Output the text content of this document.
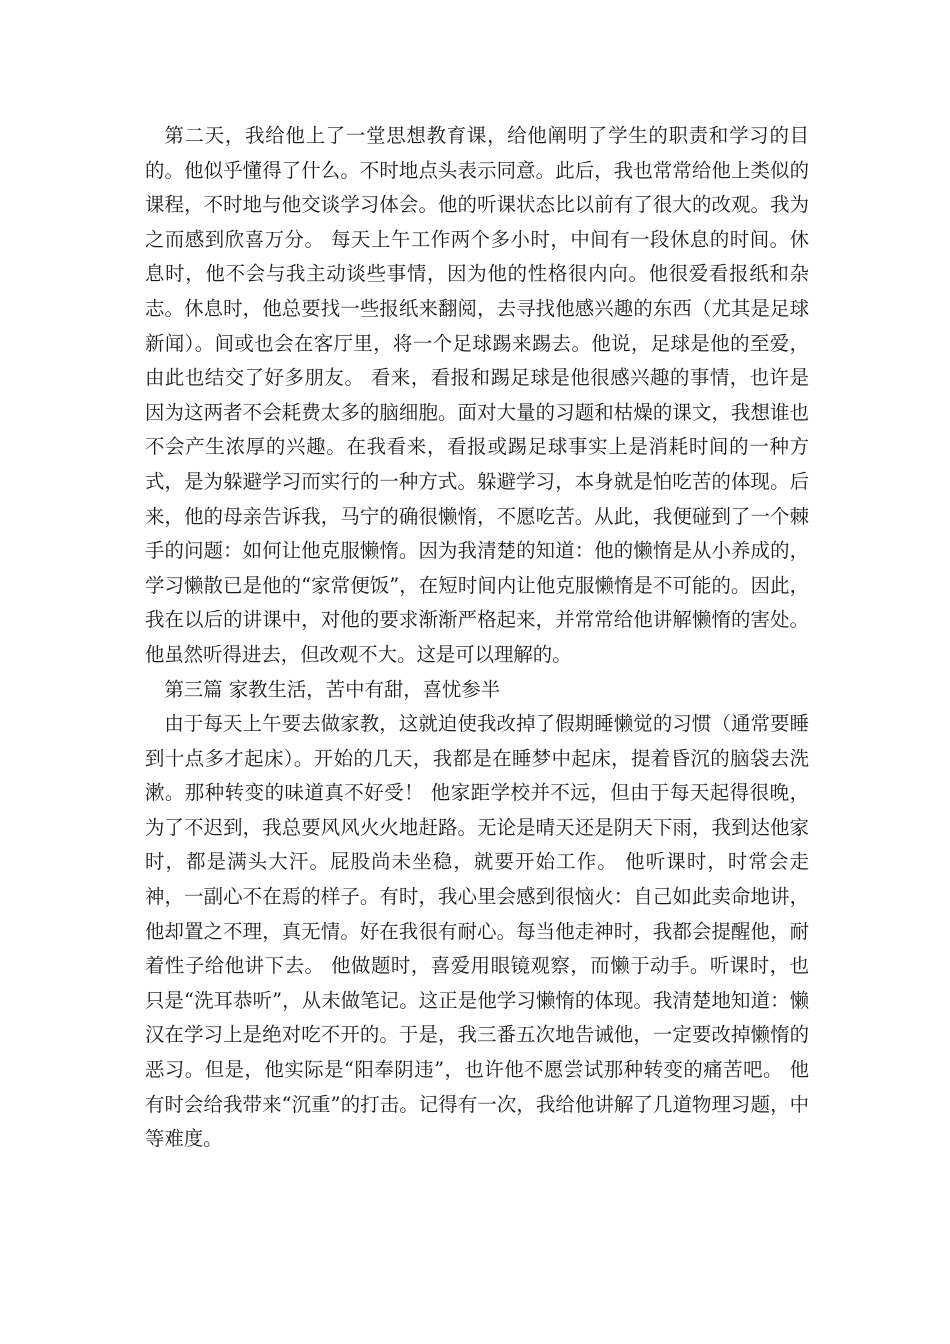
第二天，我给他上了一堂思想教育课，给他阐明了学生的职责和学习的目的。他似乎懂得了什么。不时地点头表示同意。此后，我也常常给他上类似的课程，不时地与他交谈学习体会。他的听课状态比以前有了很大的改观。我为之而感到欣喜万分。 每天上午工作两个多小时，中间有一段休息的时间。休息时，他不会与我主动谈些事情，因为他的性格很内向。他很爱看报纸和杂志。休息时，他总要找一些报纸来翻阅，去寻找他感兴趣的东西（尤其是足球新闻）。间或也会在客厅里，将一个足球踢来踢去。他说，足球是他的至爱，由此也结交了好多朋友。 看来，看报和踢足球是他很感兴趣的事情，也许是因为这两者不会耗费太多的脑细胞。面对大量的习题和枯燥的课文，我想谁也不会产生浓厚的兴趣。在我看来，看报或踢足球事实上是消耗时间的一种方式，是为躲避学习而实行的一种方式。躲避学习，本身就是怕吃苦的体现。后来，他的母亲告诉我，马宁的确很懒惰，不愿吃苦。从此，我便碰到了一个棘手的问题：如何让他克服懒惰。因为我清楚的知道：他的懒惰是从小养成的，学习懒散已是他的“家常便饭”，在短时间内让他克服懒惰是不可能的。因此，我在以后的讲课中，对他的要求渐渐严格起来，并常常给他讲解懒惰的害处。他虽然听得进去，但改观不大。这是可以理解的。

第三篇 家教生活，苦中有甜，喜忧参半

由于每天上午要去做家教，这就迫使我改掉了假期睡懒觉的习惯（通常要睡到十点多才起床）。开始的几天，我都是在睡梦中起床，提着昏沉的脑袋去洗漱。那种转变的味道真不好受！ 他家距学校并不远，但由于每天起得很晚，为了不迟到，我总要风风火火地赶路。无论是晴天还是阴天下雨，我到达他家时，都是满头大汗。屁股尚未坐稳，就要开始工作。 他听课时，时常会走神，一副心不在焉的样子。有时，我心里会感到很恼火：自己如此卖命地讲，他却置之不理，真无情。好在我很有耐心。每当他走神时，我都会提醒他，耐着性子给他讲下去。 他做题时，喜爱用眼镜观察，而懒于动手。听课时，也只是“洗耳恭听”，从未做笔记。这正是他学习懒惰的体现。我清楚地知道：懒汉在学习上是绝对吃不开的。于是，我三番五次地告诫他，一定要改掉懒惰的恶习。但是，他实际是“阳奉阴违”，也许他不愿尝试那种转变的痛苦吧。 他有时会给我带来“沉重”的打击。记得有一次，我给他讲解了几道物理习题，中等难度。
